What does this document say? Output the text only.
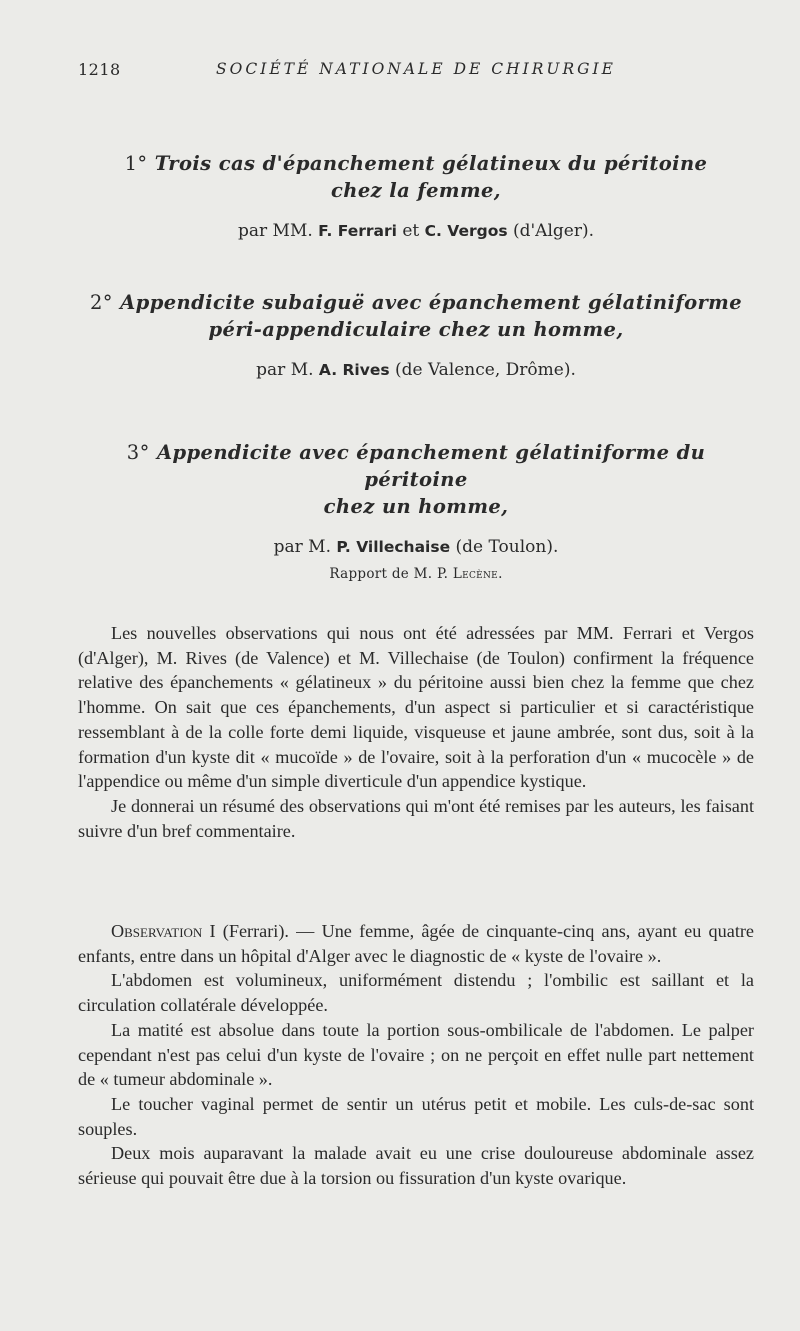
1218	SOCIÉTÉ NATIONALE DE CHIRURGIE
1° Trois cas d'épanchement gélatineux du péritoine
chez la femme,
par MM. F. Ferrari et C. Vergos (d'Alger).
2° Appendicite subaiguë avec épanchement gélatiniforme
péri-appendiculaire chez un homme,
par M. A. Rives (de Valence, Drôme).
3° Appendicite avec épanchement gélatiniforme du péritoine
chez un homme,
par M. P. Villechaise (de Toulon).
Rapport de M. P. Lecène.

Les nouvelles observations qui nous ont été adressées par MM. Ferrari et Vergos (d'Alger), M. Rives (de Valence) et M. Villechaise (de Toulon) confirment la fréquence relative des épanchements « gélatineux » du péritoine aussi bien chez la femme que chez l'homme. On sait que ces épanchements, d'un aspect si particulier et si caractéristique ressemblant à de la colle forte demi liquide, visqueuse et jaune ambrée, sont dus, soit à la formation d'un kyste dit « mucoïde » de l'ovaire, soit à la perforation d'un « mucocèle » de l'appendice ou même d'un simple diverticule d'un appendice kystique.

Je donnerai un résumé des observations qui m'ont été remises par les auteurs, les faisant suivre d'un bref commentaire.

Observation I (Ferrari). — Une femme, âgée de cinquante-cinq ans, ayant eu quatre enfants, entre dans un hôpital d'Alger avec le diagnostic de « kyste de l'ovaire ».

L'abdomen est volumineux, uniformément distendu ; l'ombilic est saillant et la circulation collatérale développée.

La matité est absolue dans toute la portion sous-ombilicale de l'abdomen. Le palper cependant n'est pas celui d'un kyste de l'ovaire ; on ne perçoit en effet nulle part nettement de « tumeur abdominale ».

Le toucher vaginal permet de sentir un utérus petit et mobile. Les culs-de-sac sont souples.

Deux mois auparavant la malade avait eu une crise douloureuse abdominale assez sérieuse qui pouvait être due à la torsion ou fissuration d'un kyste ovarique.
